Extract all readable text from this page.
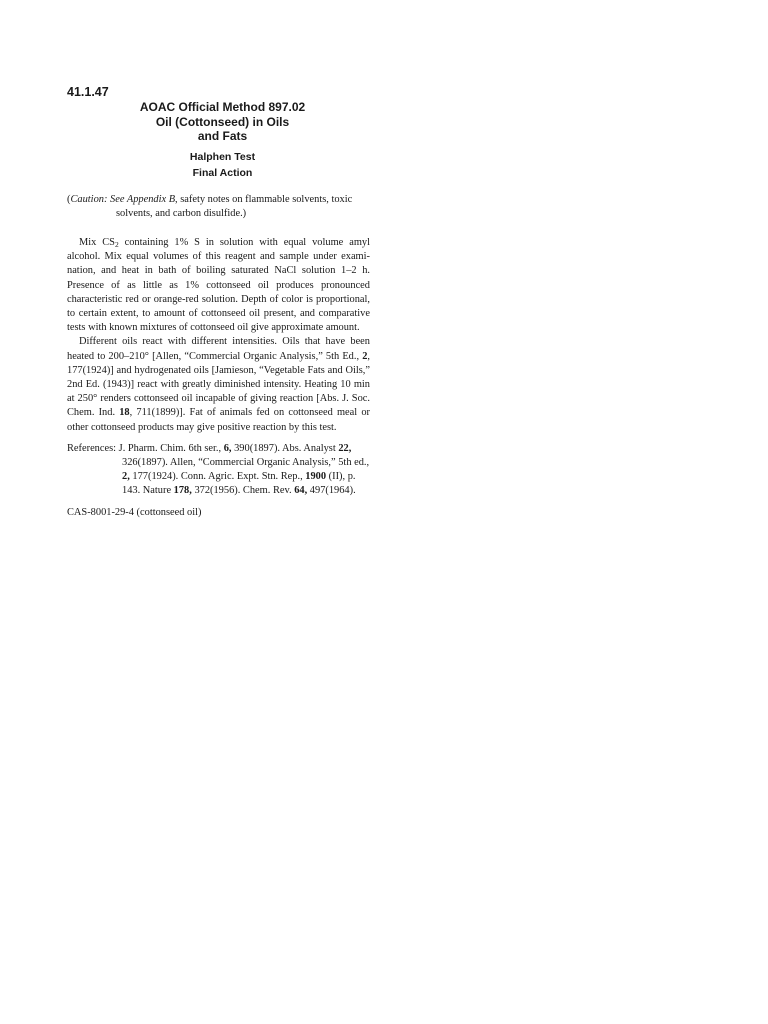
41.1.47

AOAC Official Method 897.02
Oil (Cottonseed) in Oils
and Fats

Halphen Test

Final Action

(Caution: See Appendix B, safety notes on flammable solvents, toxic solvents, and carbon disulfide.)

Mix $CS_2$ containing 1% S in solution with equal volume amyl alcohol. Mix equal volumes of this reagent and sample under examination, and heat in bath of boiling saturated NaCl solution 1–2 h. Presence of as little as 1% cottonseed oil produces pronounced characteristic red or orange-red solution. Depth of color is proportional, to certain extent, to amount of cottonseed oil present, and comparative tests with known mixtures of cottonseed oil give approximate amount.

Different oils react with different intensities. Oils that have been heated to 200–210° [Allen, “Commercial Organic Analysis,” 5th Ed., 2, 177(1924)] and hydrogenated oils [Jamieson, “Vegetable Fats and Oils,” 2nd Ed. (1943)] react with greatly diminished intensity. Heating 10 min at 250° renders cottonseed oil incapable of giving reaction [Abs. J. Soc. Chem. Ind. 18, 711(1899)]. Fat of animals fed on cottonseed meal or other cottonseed products may give positive reaction by this test.

References: J. Pharm. Chim. 6th ser., 6, 390(1897). Abs. Analyst 22, 326(1897). Allen, “Commercial Organic Analysis,” 5th ed., 2, 177(1924). Conn. Agric. Expt. Stn. Rep., 1900 (II), p. 143. Nature 178, 372(1956). Chem. Rev. 64, 497(1964).

CAS-8001-29-4 (cottonseed oil)
